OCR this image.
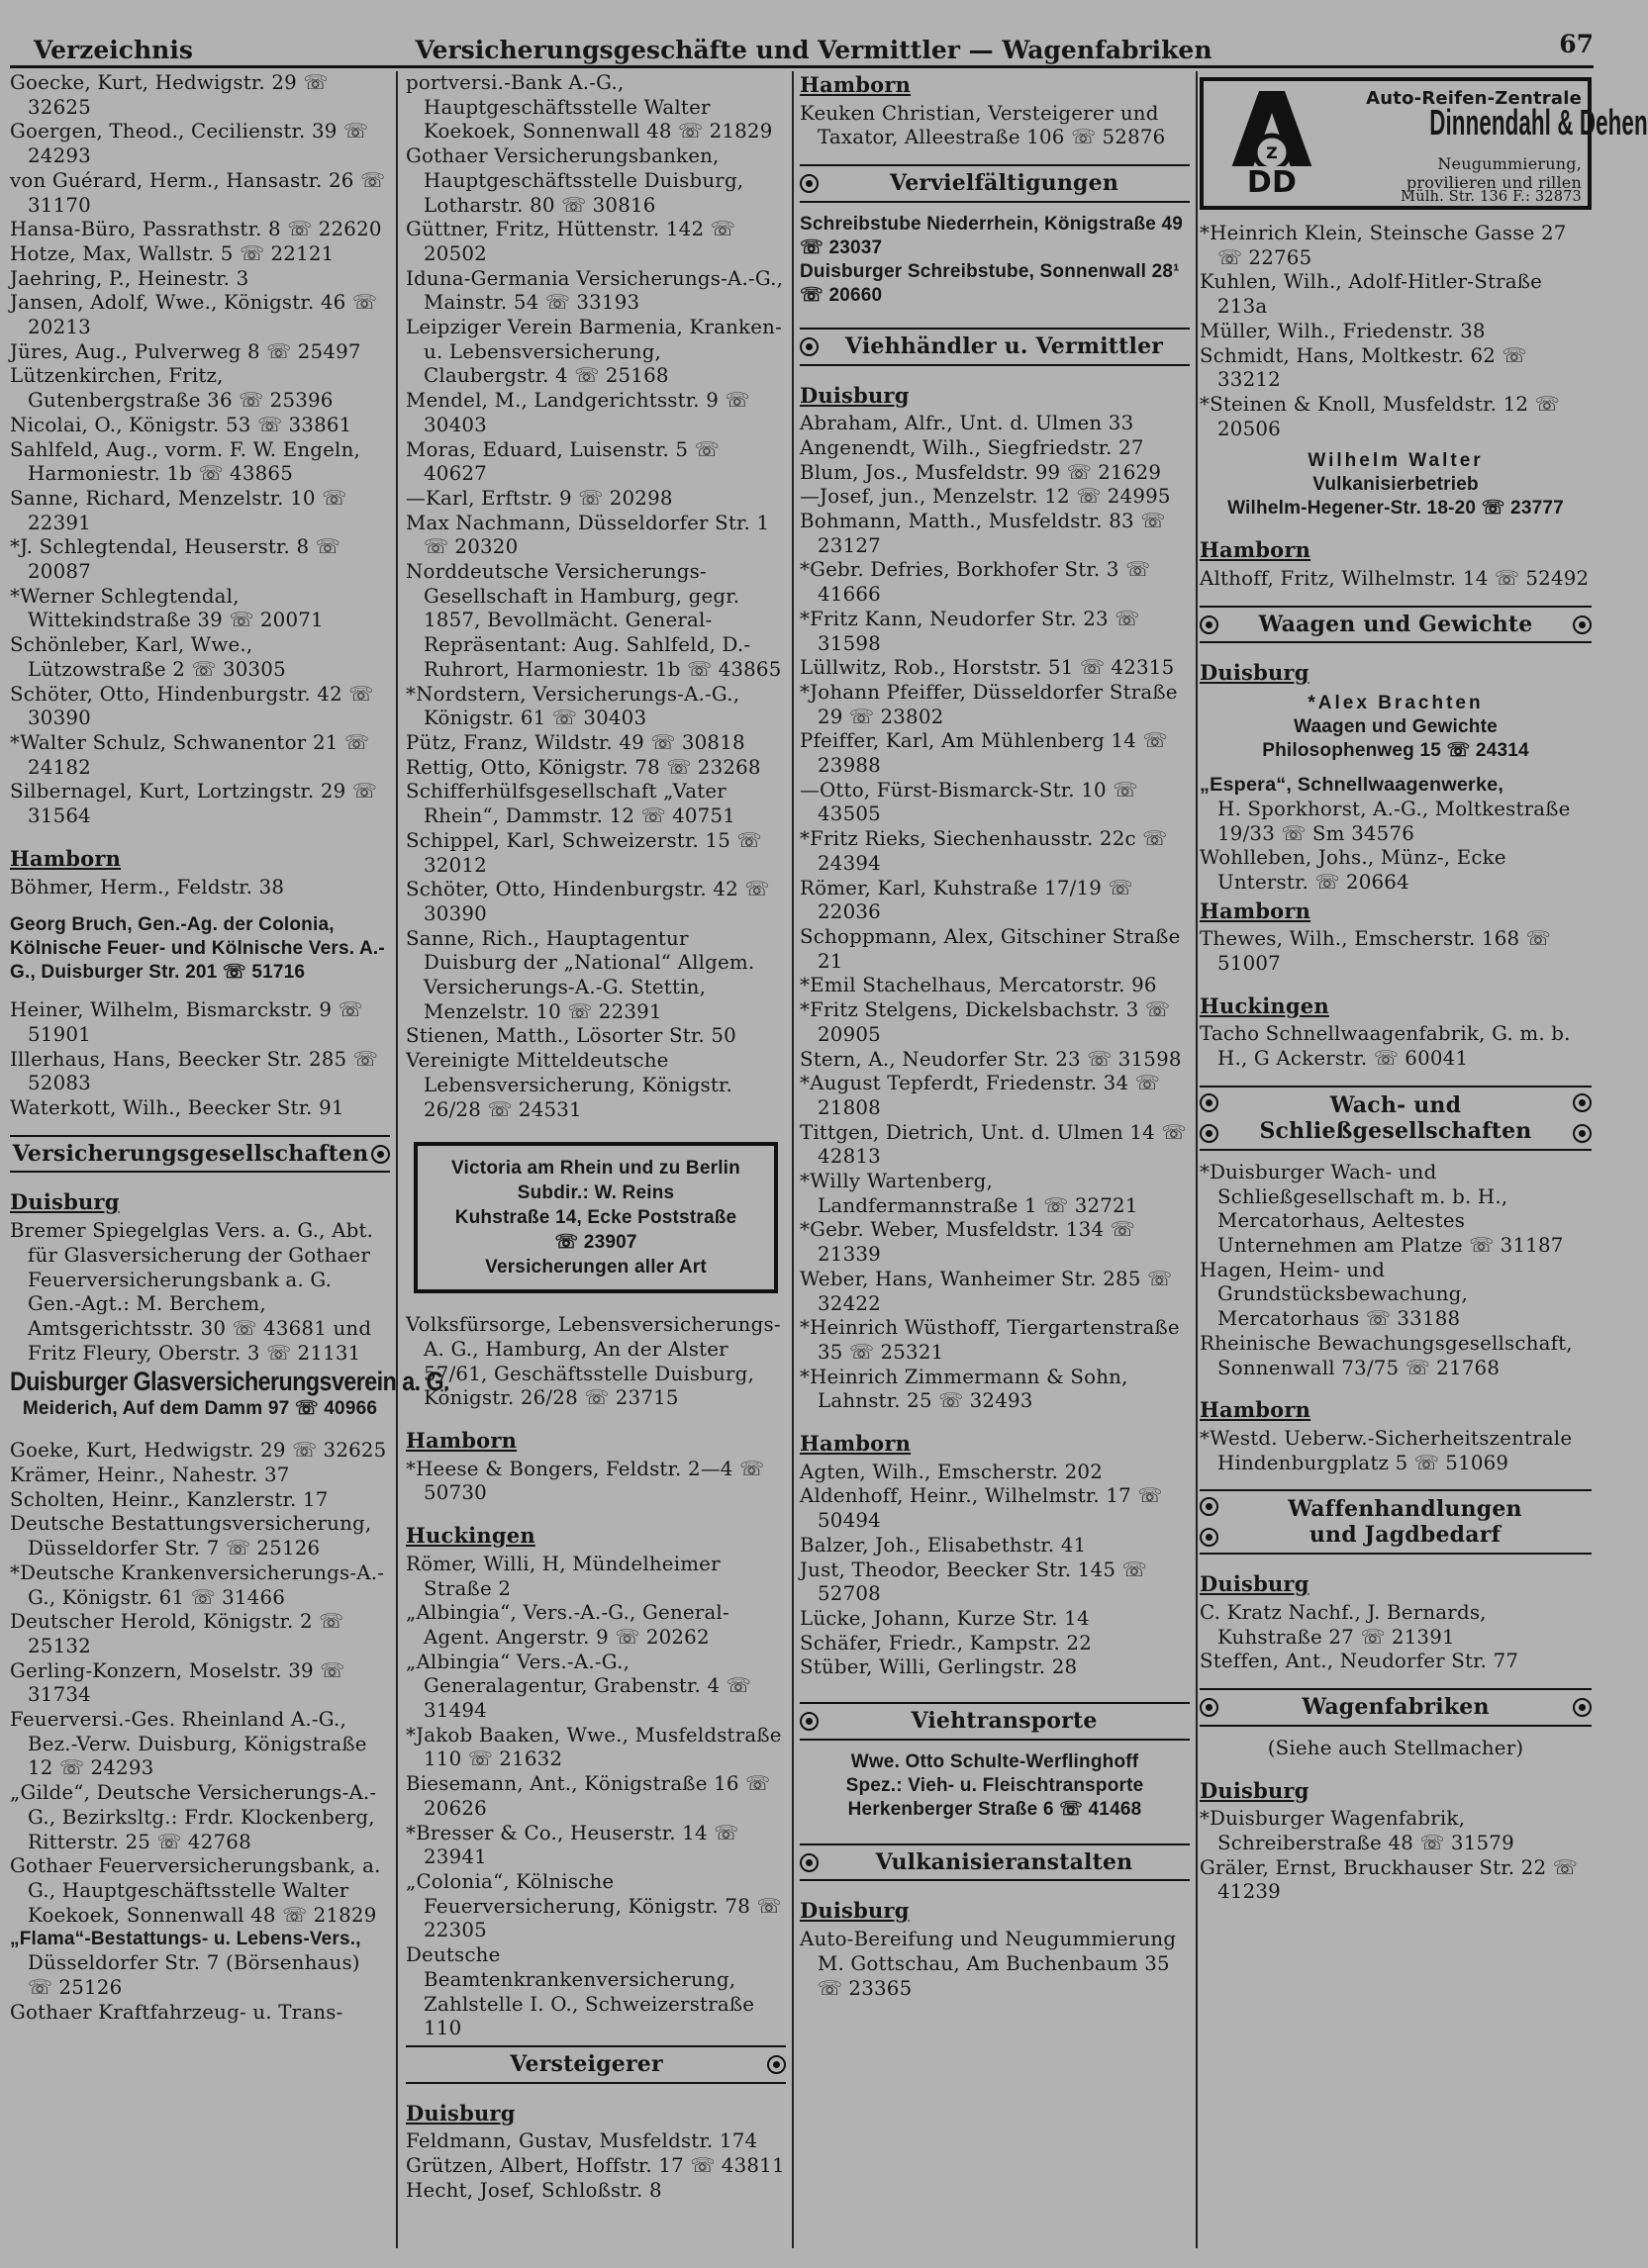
Verzeichnis	Versicherungsgeschäfte und Vermittler — Wagenfabriken	67

Goecke, Kurt, Hedwigstr. 29 ☏ 32625

Goergen, Theod., Cecilienstr. 39 ☏ 24293

von Guérard, Herm., Hansastr. 26 ☏ 31170

Hansa-Büro, Passrathstr. 8 ☏ 22620

Hotze, Max, Wallstr. 5 ☏ 22121

Jaehring, P., Heinestr. 3

Jansen, Adolf, Wwe., Königstr. 46 ☏ 20213

Jüres, Aug., Pulverweg 8 ☏ 25497

Lützenkirchen, Fritz, Gutenbergstraße 36 ☏ 25396

Nicolai, O., Königstr. 53 ☏ 33861

Sahlfeld, Aug., vorm. F. W. Engeln, Harmoniestr. 1b ☏ 43865

Sanne, Richard, Menzelstr. 10 ☏ 22391

*J. Schlegtendal, Heuserstr. 8 ☏ 20087

*Werner Schlegtendal, Wittekindstraße 39 ☏ 20071

Schönleber, Karl, Wwe., Lützowstraße 2 ☏ 30305

Schöter, Otto, Hindenburgstr. 42 ☏ 30390

*Walter Schulz, Schwanentor 21 ☏ 24182

Silbernagel, Kurt, Lortzingstr. 29 ☏ 31564

Hamborn

Böhmer, Herm., Feldstr. 38

Georg Bruch, Gen.-Ag. der Colonia, Kölnische Feuer- und Kölnische Vers. A.-G., Duisburger Str. 201 ☏ 51716

Heiner, Wilhelm, Bismarckstr. 9 ☏ 51901

Illerhaus, Hans, Beecker Str. 285 ☏ 52083

Waterkott, Wilh., Beecker Str. 91

Versicherungsgesellschaften
Duisburg

Bremer Spiegelglas Vers. a. G., Abt. für Glasversicherung der Gothaer Feuerversicherungsbank a. G. Gen.-Agt.: M. Berchem, Amtsgerichtsstr. 30 ☏ 43681 und Fritz Fleury, Oberstr. 3 ☏ 21131

Duisburger Glasversicherungsverein a. G.
Meiderich, Auf dem Damm 97 ☏ 40966

Goeke, Kurt, Hedwigstr. 29 ☏ 32625

Krämer, Heinr., Nahestr. 37

Scholten, Heinr., Kanzlerstr. 17

Deutsche Bestattungsversicherung, Düsseldorfer Str. 7 ☏ 25126

*Deutsche Krankenversicherungs-A.-G., Königstr. 61 ☏ 31466

Deutscher Herold, Königstr. 2 ☏ 25132

Gerling-Konzern, Moselstr. 39 ☏ 31734

Feuerversi.-Ges. Rheinland A.-G., Bez.-Verw. Duisburg, Königstraße 12 ☏ 24293

„Gilde“, Deutsche Versicherungs-A.-G., Bezirksltg.: Frdr. Klockenberg, Ritterstr. 25 ☏ 42768

Gothaer Feuerversicherungsbank, a. G., Hauptgeschäftsstelle Walter Koekoek, Sonnenwall 48 ☏ 21829

„Flama“-Bestattungs- u. Lebens-Vers.,

Düsseldorfer Str. 7 (Börsenhaus) ☏ 25126

Gothaer Kraftfahrzeug- u. Trans-

portversi.-Bank A.-G., Hauptgeschäftsstelle Walter Koekoek, Sonnenwall 48 ☏ 21829

Gothaer Versicherungsbanken, Hauptgeschäftsstelle Duisburg, Lotharstr. 80 ☏ 30816

Güttner, Fritz, Hüttenstr. 142 ☏ 20502

Iduna-Germania Versicherungs-A.-G., Mainstr. 54 ☏ 33193

Leipziger Verein Barmenia, Kranken- u. Lebensversicherung, Claubergstr. 4 ☏ 25168

Mendel, M., Landgerichtsstr. 9 ☏ 30403

Moras, Eduard, Luisenstr. 5 ☏ 40627

—Karl, Erftstr. 9 ☏ 20298

Max Nachmann, Düsseldorfer Str. 1 ☏ 20320

Norddeutsche Versicherungs-Gesellschaft in Hamburg, gegr. 1857, Bevollmächt. General-Repräsentant: Aug. Sahlfeld, D.-Ruhrort, Harmoniestr. 1b ☏ 43865

*Nordstern, Versicherungs-A.-G., Königstr. 61 ☏ 30403

Pütz, Franz, Wildstr. 49 ☏ 30818

Rettig, Otto, Königstr. 78 ☏ 23268

Schifferhülfsgesellschaft „Vater Rhein“, Dammstr. 12 ☏ 40751

Schippel, Karl, Schweizerstr. 15 ☏ 32012

Schöter, Otto, Hindenburgstr. 42 ☏ 30390

Sanne, Rich., Hauptagentur Duisburg der „National“ Allgem. Versicherungs-A.-G. Stettin, Menzelstr. 10 ☏ 22391

Stienen, Matth., Lösorter Str. 50

Vereinigte Mitteldeutsche Lebensversicherung, Königstr. 26/28 ☏ 24531

Victoria am Rhein und zu Berlin
Subdir.: W. Reins
Kuhstraße 14, Ecke Poststraße
☏ 23907
Versicherungen aller Art

Volksfürsorge, Lebensversicherungs-A. G., Hamburg, An der Alster 57/61, Geschäftsstelle Duisburg, Königstr. 26/28 ☏ 23715

Hamborn

*Heese & Bongers, Feldstr. 2—4 ☏ 50730

Huckingen

Römer, Willi, H, Mündelheimer Straße 2

„Albingia“, Vers.-A.-G., General-Agent. Angerstr. 9 ☏ 20262

„Albingia“ Vers.-A.-G., Generalagentur, Grabenstr. 4 ☏ 31494

*Jakob Baaken, Wwe., Musfeldstraße 110 ☏ 21632

Biesemann, Ant., Königstraße 16 ☏ 20626

*Bresser & Co., Heuserstr. 14 ☏ 23941

„Colonia“, Kölnische Feuerversicherung, Königstr. 78 ☏ 22305

Deutsche Beamtenkrankenversicherung, Zahlstelle I. O., Schweizerstraße 110

Versteigerer
Duisburg

Feldmann, Gustav, Musfeldstr. 174

Grützen, Albert, Hoffstr. 17 ☏ 43811

Hecht, Josef, Schloßstr. 8

Hamborn

Keuken Christian, Versteigerer und Taxator, Alleestraße 106 ☏ 52876

Vervielfältigungen

Schreibstube Niederrhein, Königstraße 49 ☏ 23037

Duisburger Schreibstube, Sonnenwall 28¹ ☏ 20660

Viehhändler u. Vermittler
Duisburg

Abraham, Alfr., Unt. d. Ulmen 33

Angenendt, Wilh., Siegfriedstr. 27

Blum, Jos., Musfeldstr. 99 ☏ 21629

—Josef, jun., Menzelstr. 12 ☏ 24995

Bohmann, Matth., Musfeldstr. 83 ☏ 23127

*Gebr. Defries, Borkhofer Str. 3 ☏ 41666

*Fritz Kann, Neudorfer Str. 23 ☏ 31598

Lüllwitz, Rob., Horststr. 51 ☏ 42315

*Johann Pfeiffer, Düsseldorfer Straße 29 ☏ 23802

Pfeiffer, Karl, Am Mühlenberg 14 ☏ 23988

—Otto, Fürst-Bismarck-Str. 10 ☏ 43505

*Fritz Rieks, Siechenhausstr. 22c ☏ 24394

Römer, Karl, Kuhstraße 17/19 ☏ 22036

Schoppmann, Alex, Gitschiner Straße 21

*Emil Stachelhaus, Mercatorstr. 96

*Fritz Stelgens, Dickelsbachstr. 3 ☏ 20905

Stern, A., Neudorfer Str. 23 ☏ 31598

*August Tepferdt, Friedenstr. 34 ☏ 21808

Tittgen, Dietrich, Unt. d. Ulmen 14 ☏ 42813

*Willy Wartenberg, Landfermannstraße 1 ☏ 32721

*Gebr. Weber, Musfeldstr. 134 ☏ 21339

Weber, Hans, Wanheimer Str. 285 ☏ 32422

*Heinrich Wüsthoff, Tiergartenstraße 35 ☏ 25321

*Heinrich Zimmermann & Sohn, Lahnstr. 25 ☏ 32493

Hamborn

Agten, Wilh., Emscherstr. 202

Aldenhoff, Heinr., Wilhelmstr. 17 ☏ 50494

Balzer, Joh., Elisabethstr. 41

Just, Theodor, Beecker Str. 145 ☏ 52708

Lücke, Johann, Kurze Str. 14

Schäfer, Friedr., Kampstr. 22

Stüber, Willi, Gerlingstr. 28

Viehtransporte
Wwe. Otto Schulte-Werflinghoff
Spez.: Vieh- u. Fleischtransporte
Herkenberger Straße 6 ☏ 41468
Vulkanisieranstalten
Duisburg

Auto-Bereifung und Neugummierung M. Gottschau, Am Buchenbaum 35 ☏ 23365

Z
DD
Auto-Reifen-Zentrale
Dinnendahl & Dehen
Neugummierung,
provilieren und rillen
Mülh. Str. 136 F.: 32873

*Heinrich Klein, Steinsche Gasse 27 ☏ 22765

Kuhlen, Wilh., Adolf-Hitler-Straße 213a

Müller, Wilh., Friedenstr. 38

Schmidt, Hans, Moltkestr. 62 ☏ 33212

*Steinen & Knoll, Musfeldstr. 12 ☏ 20506

Wilhelm Walter
Vulkanisierbetrieb
Wilhelm-Hegener-Str. 18-20 ☏ 23777
Hamborn

Althoff, Fritz, Wilhelmstr. 14 ☏ 52492

Waagen und Gewichte
Duisburg
*Alex Brachten
Waagen und Gewichte
Philosophenweg 15 ☏ 24314

„Espera“, Schnellwaagenwerke,

H. Sporkhorst, A.-G., Moltkestraße 19/33 ☏ Sm 34576

Wohlleben, Johs., Münz-, Ecke Unterstr. ☏ 20664

Hamborn

Thewes, Wilh., Emscherstr. 168 ☏ 51007

Huckingen

Tacho Schnellwaagenfabrik, G. m. b. H., G Ackerstr. ☏ 60041

Wach- und
Schließgesellschaften

*Duisburger Wach- und Schließgesellschaft m. b. H., Mercatorhaus, Aeltestes Unternehmen am Platze ☏ 31187

Hagen, Heim- und Grundstücksbewachung, Mercatorhaus ☏ 33188

Rheinische Bewachungsgesellschaft, Sonnenwall 73/75 ☏ 21768

Hamborn

*Westd. Ueberw.-Sicherheitszentrale Hindenburgplatz 5 ☏ 51069

Waffenhandlungen
und Jagdbedarf
Duisburg

C. Kratz Nachf., J. Bernards, Kuhstraße 27 ☏ 21391

Steffen, Ant., Neudorfer Str. 77

Wagenfabriken
(Siehe auch Stellmacher)
Duisburg

*Duisburger Wagenfabrik, Schreiberstraße 48 ☏ 31579

Gräler, Ernst, Bruckhauser Str. 22 ☏ 41239
